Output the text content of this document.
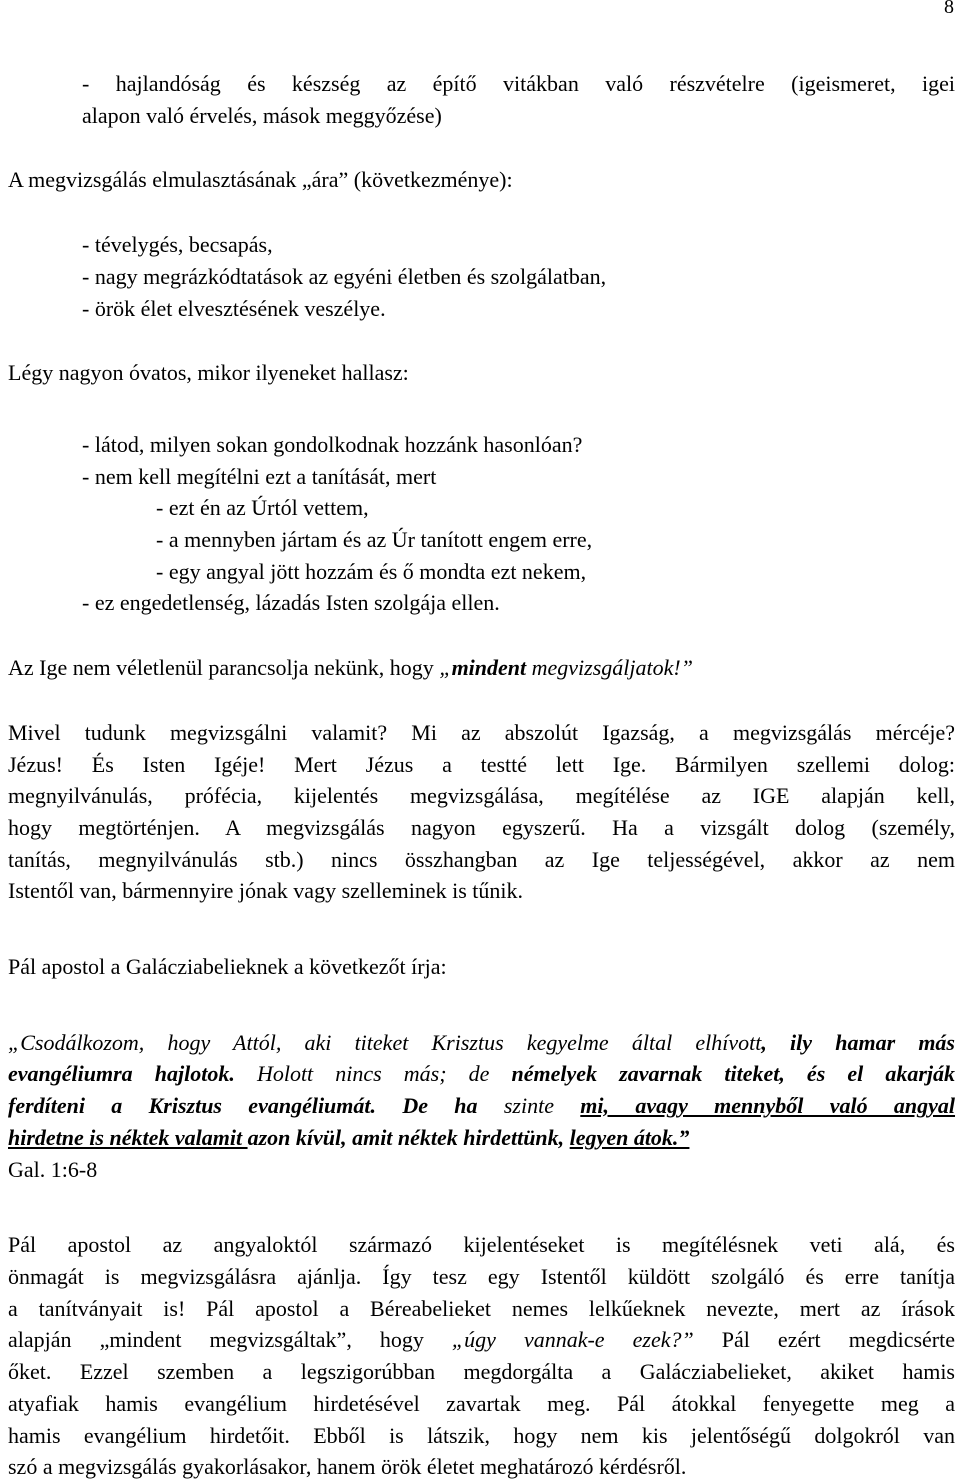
8

- hajlandóság és készség az építő vitákban való részvételre (igeismeret, igei

alapon való érvelés, mások meggyőzése)

A megvizsgálás elmulasztásának „ára” (következménye):

- tévelygés, becsapás,

- nagy megrázkódtatások az egyéni életben és szolgálatban,

- örök élet elvesztésének veszélye.

Légy nagyon óvatos, mikor ilyeneket hallasz:

- látod, milyen sokan gondolkodnak hozzánk hasonlóan?

- nem kell megítélni ezt a tanítását, mert

- ezt én az Úrtól vettem,

- a mennyben jártam és az Úr tanított engem erre,

- egy angyal jött hozzám és ő mondta ezt nekem,

- ez engedetlenség, lázadás Isten szolgája ellen.

Az Ige nem véletlenül parancsolja nekünk, hogy „mindent megvizsgáljatok!”

Mivel tudunk megvizsgálni valamit? Mi az abszolút Igazság, a megvizsgálás mércéje?

Jézus! És Isten Igéje! Mert Jézus a testté lett Ige. Bármilyen szellemi dolog:

megnyilvánulás, prófécia, kijelentés megvizsgálása, megítélése az IGE alapján kell,

hogy megtörténjen. A megvizsgálás nagyon egyszerű. Ha a vizsgált dolog (személy,

tanítás, megnyilvánulás stb.) nincs összhangban az Ige teljességével, akkor az nem

Istentől van, bármennyire jónak vagy szelleminek is tűnik.

Pál apostol a Galácziabelieknek a következőt írja:

„Csodálkozom, hogy Attól, aki titeket Krisztus kegyelme által elhívott, ily hamar más

evangéliumra hajlotok. Holott nincs más; de némelyek zavarnak titeket, és el akarják

ferdíteni a Krisztus evangéliumát. De ha szinte mi, avagy mennyből való angyal

hirdetne is néktek valamit azon kívül, amit néktek hirdettünk, legyen átok.”

Gal. 1:6-8

Pál apostol az angyaloktól származó kijelentéseket is megítélésnek veti alá, és

önmagát is megvizsgálásra ajánlja. Így tesz egy Istentől küldött szolgáló és erre tanítja

a tanítványait is! Pál apostol a Béreabelieket nemes lelkűeknek nevezte, mert az írások

alapján „mindent megvizsgáltak”, hogy „úgy vannak-e ezek?” Pál ezért megdicsérte

őket. Ezzel szemben a legszigorúbban megdorgálta a Galácziabelieket, akiket hamis

atyafiak hamis evangélium hirdetésével zavartak meg. Pál átokkal fenyegette meg a

hamis evangélium hirdetőit. Ebből is látszik, hogy nem kis jelentőségű dolgokról van

szó a megvizsgálás gyakorlásakor, hanem örök életet meghatározó kérdésről.
